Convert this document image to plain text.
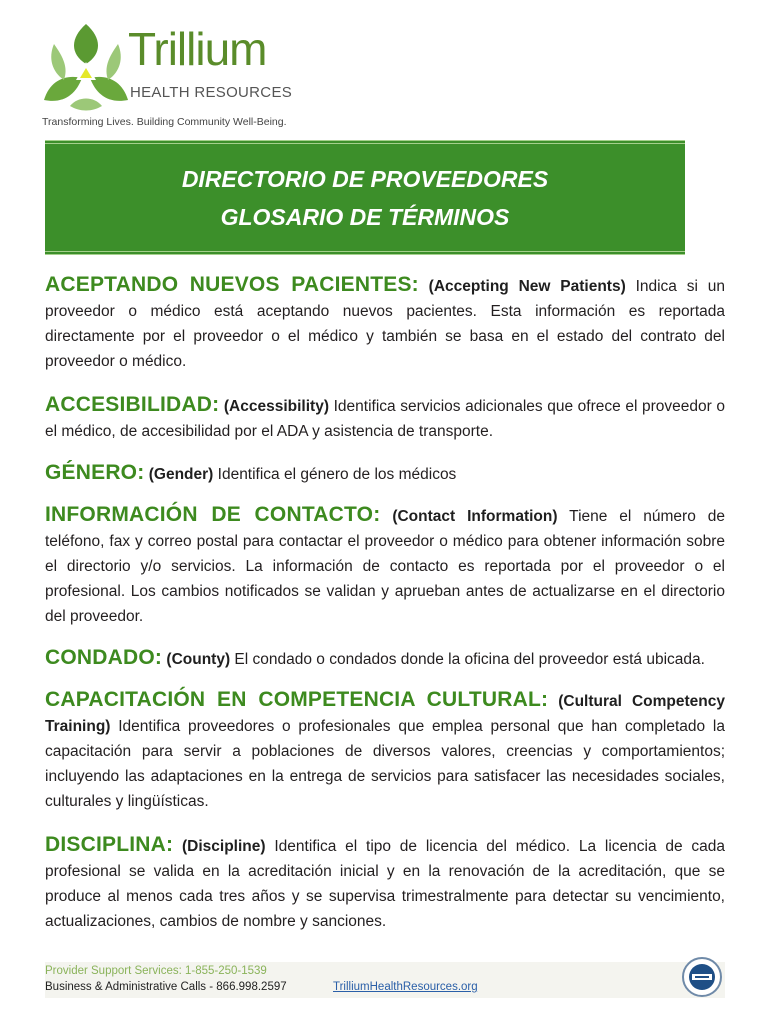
Trillium
HEALTH RESOURCES
Transforming Lives. Building Community Well-Being.
DIRECTORIO DE PROVEEDORES
GLOSARIO DE TÉRMINOS

ACEPTANDO NUEVOS PACIENTES: (Accepting New Patients) Indica si un proveedor o médico está aceptando nuevos pacientes. Esta información es reportada directamente por el proveedor o el médico y también se basa en el estado del contrato del proveedor o médico.

ACCESIBILIDAD: (Accessibility) Identifica servicios adicionales que ofrece el proveedor o el médico, de accesibilidad por el ADA y asistencia de transporte.

GÉNERO: (Gender) Identifica el género de los médicos

INFORMACIÓN DE CONTACTO: (Contact Information) Tiene el número de teléfono, fax y correo postal para contactar el proveedor o médico para obtener información sobre el directorio y/o servicios. La información de contacto es reportada por el proveedor o el profesional. Los cambios notificados se validan y aprueban antes de actualizarse en el directorio del proveedor.

CONDADO: (County) El condado o condados donde la oficina del proveedor está ubicada.

CAPACITACIÓN EN COMPETENCIA CULTURAL: (Cultural Competency Training) Identifica proveedores o profesionales que emplea personal que han completado la capacitación para servir a poblaciones de diversos valores, creencias y comportamientos; incluyendo las adaptaciones en la entrega de servicios para satisfacer las necesidades sociales, culturales y lingüísticas.

DISCIPLINA: (Discipline) Identifica el tipo de licencia del médico. La licencia de cada profesional se valida en la acreditación inicial y en la renovación de la acreditación, que se produce al menos cada tres años y se supervisa trimestralmente para detectar su vencimiento, actualizaciones, cambios de nombre y sanciones.

Provider Support Services: 1-855-250-1539
Business & Administrative Calls - 866.998.2597	TrilliumHealthResources.org
